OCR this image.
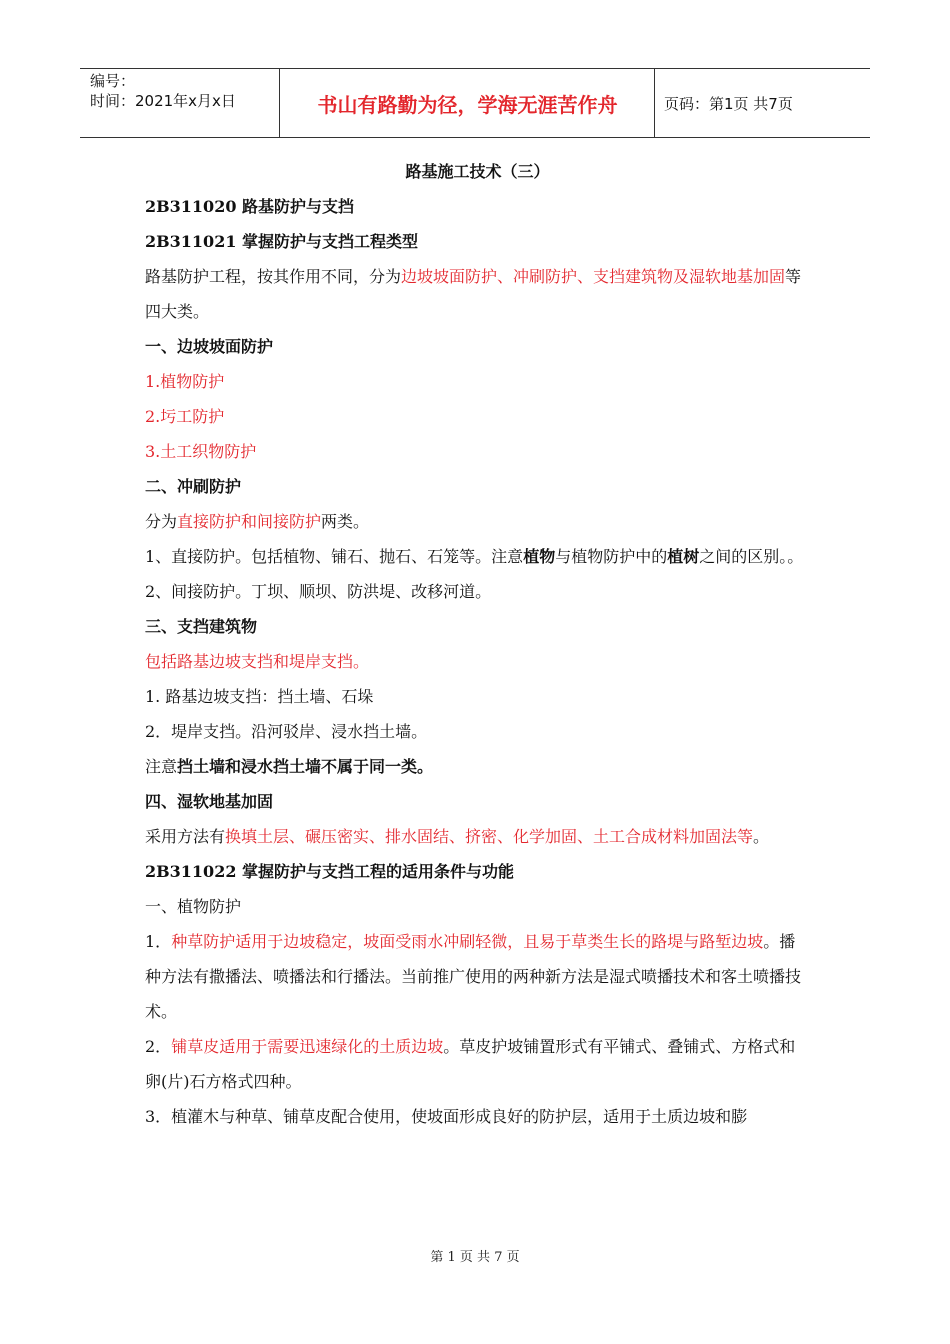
编号：
时间：2021年x月x日	书山有路勤为径，学海无涯苦作舟	页码：第1页 共7页
路基施工技术（三）

2B311020 路基防护与支挡

2B311021 掌握防护与支挡工程类型

路基防护工程，按其作用不同，分为边坡坡面防护、冲刷防护、支挡建筑物及湿软地基加固等四大类。

一、边坡坡面防护

1.植物防护

2.圬工防护

3.土工织物防护

二、冲刷防护

分为直接防护和间接防护两类。

1、直接防护。包括植物、铺石、抛石、石笼等。注意植物与植物防护中的植树之间的区别。。

2、间接防护。丁坝、顺坝、防洪堤、改移河道。

三、支挡建筑物

包括路基边坡支挡和堤岸支挡。

1. 路基边坡支挡：挡土墙、石垛

2．堤岸支挡。沿河驳岸、浸水挡土墙。

注意挡土墙和浸水挡土墙不属于同一类。

四、湿软地基加固

采用方法有换填土层、碾压密实、排水固结、挤密、化学加固、土工合成材料加固法等。

2B311022 掌握防护与支挡工程的适用条件与功能

一、植物防护

1．种草防护适用于边坡稳定，坡面受雨水冲刷轻微，且易于草类生长的路堤与路堑边坡。播种方法有撒播法、喷播法和行播法。当前推广使用的两种新方法是湿式喷播技术和客土喷播技术。

2．铺草皮适用于需要迅速绿化的土质边坡。草皮护坡铺置形式有平铺式、叠铺式、方格式和卵(片)石方格式四种。

3．植灌木与种草、铺草皮配合使用，使坡面形成良好的防护层，适用于土质边坡和膨

第 1 页 共 7 页
